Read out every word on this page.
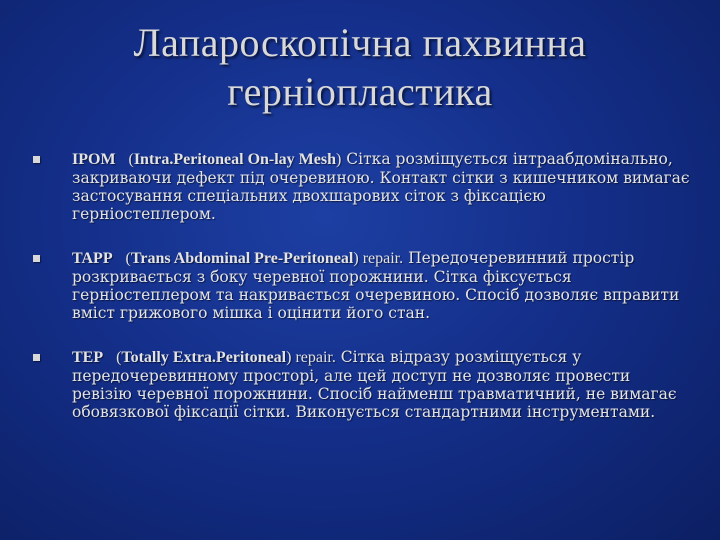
Лапароскопічна пахвинна
герніопластика
IPOM (Intra.Peritoneal On-lay Mesh) Сітка розміщується інтраабдомінально, закриваючи дефект під очеревиною. Контакт сітки з кишечником вимагає застосування спеціальних двохшарових сіток з фіксацією герніостеплером.
TAPP (Trans Abdominal Pre-Peritoneal) repair. Передочеревинний простір розкривається з боку черевної порожнини. Сітка фіксується герніостеплером та накривається очеревиною. Спосіб дозволяє вправити вміст грижового мішка і оцінити його стан.
TEP (Totally Extra.Peritoneal) repair. Сітка відразу розміщується у передочеревинному просторі, але цей доступ не дозволяє провести ревізію черевної порожнини. Спосіб найменш травматичний, не вимагає обовязкової фіксації сітки. Виконується стандартними інструментами.
